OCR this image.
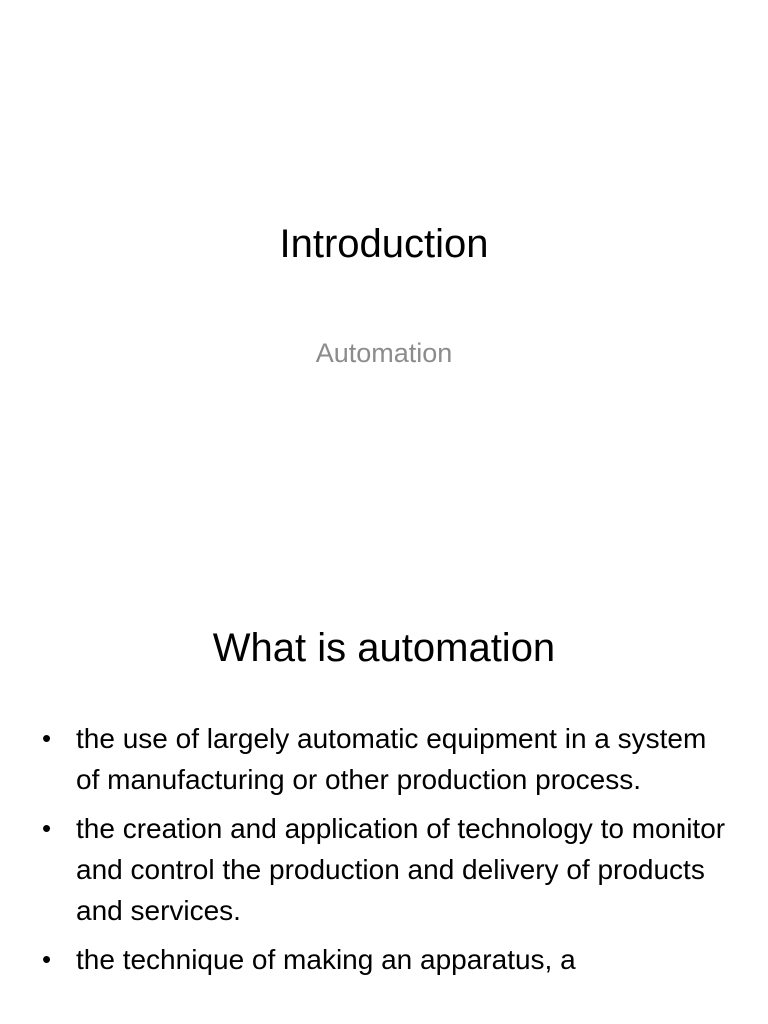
Introduction

Automation

What is automation
• the use of largely automatic equipment in a system of manufacturing or other production process.
• the creation and application of technology to monitor and control the production and delivery of products and services.
• the technique of making an apparatus, a
